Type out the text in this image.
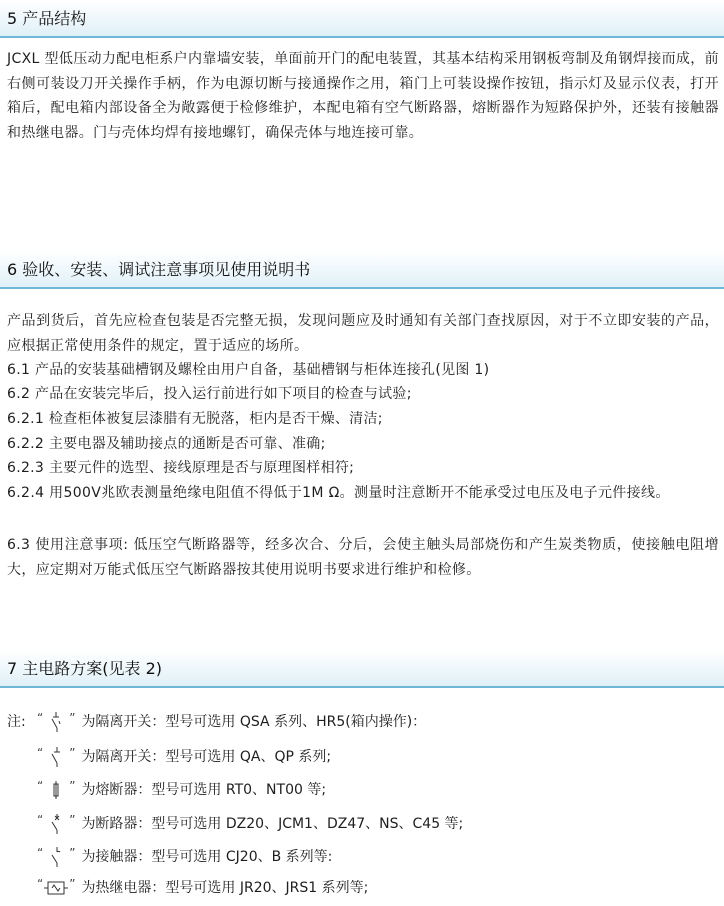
5 产品结构

JCXL 型低压动力配电柜系户内靠墙安装，单面前开门的配电装置，其基本结构采用钢板弯制及角钢焊接而成，前右侧可装设刀开关操作手柄，作为电源切断与接通操作之用，箱门上可装设操作按钮，指示灯及显示仪表，打开箱后，配电箱内部设备全为敞露便于检修维护，本配电箱有空气断路器，熔断器作为短路保护外，还装有接触器和热继电器。门与壳体均焊有接地螺钉，确保壳体与地连接可靠。

6 验收、安装、调试注意事项见使用说明书

产品到货后，首先应检查包装是否完整无损，发现问题应及时通知有关部门查找原因，对于不立即安装的产品，应根据正常使用条件的规定，置于适应的场所。

6.1 产品的安装基础槽钢及螺栓由用户自备，基础槽钢与柜体连接孔(见图 1)

6.2 产品在安装完毕后，投入运行前进行如下项目的检查与试验;

6.2.1 检查柜体被复层漆腊有无脱落，柜内是否干燥、清洁;

6.2.2 主要电器及辅助接点的通断是否可靠、准确;

6.2.3 主要元件的选型、接线原理是否与原理图样相符;

6.2.4 用500V兆欧表测量绝缘电阻值不得低于1M Ω。测量时注意断开不能承受过电压及电子元件接线。

6.3 使用注意事项: 低压空气断路器等，经多次合、分后，会使主触头局部烧伤和产生炭类物质，使接触电阻增大，应定期对万能式低压空气断路器按其使用说明书要求进行维护和检修。

7 主电路方案(见表 2)
注: “ ” 为隔离开关：型号可选用 QSA 系列、HR5(箱内操作)：
“ ” 为隔离开关：型号可选用 QA、QP 系列;
“ ” 为熔断器：型号可选用 RT0、NT00 等;
“ ” 为断路器：型号可选用 DZ20、JCM1、DZ47、NS、C45 等;
“ ” 为接触器：型号可选用 CJ20、B 系列等:
“ ” 为热继电器：型号可选用 JR20、JRS1 系列等;
